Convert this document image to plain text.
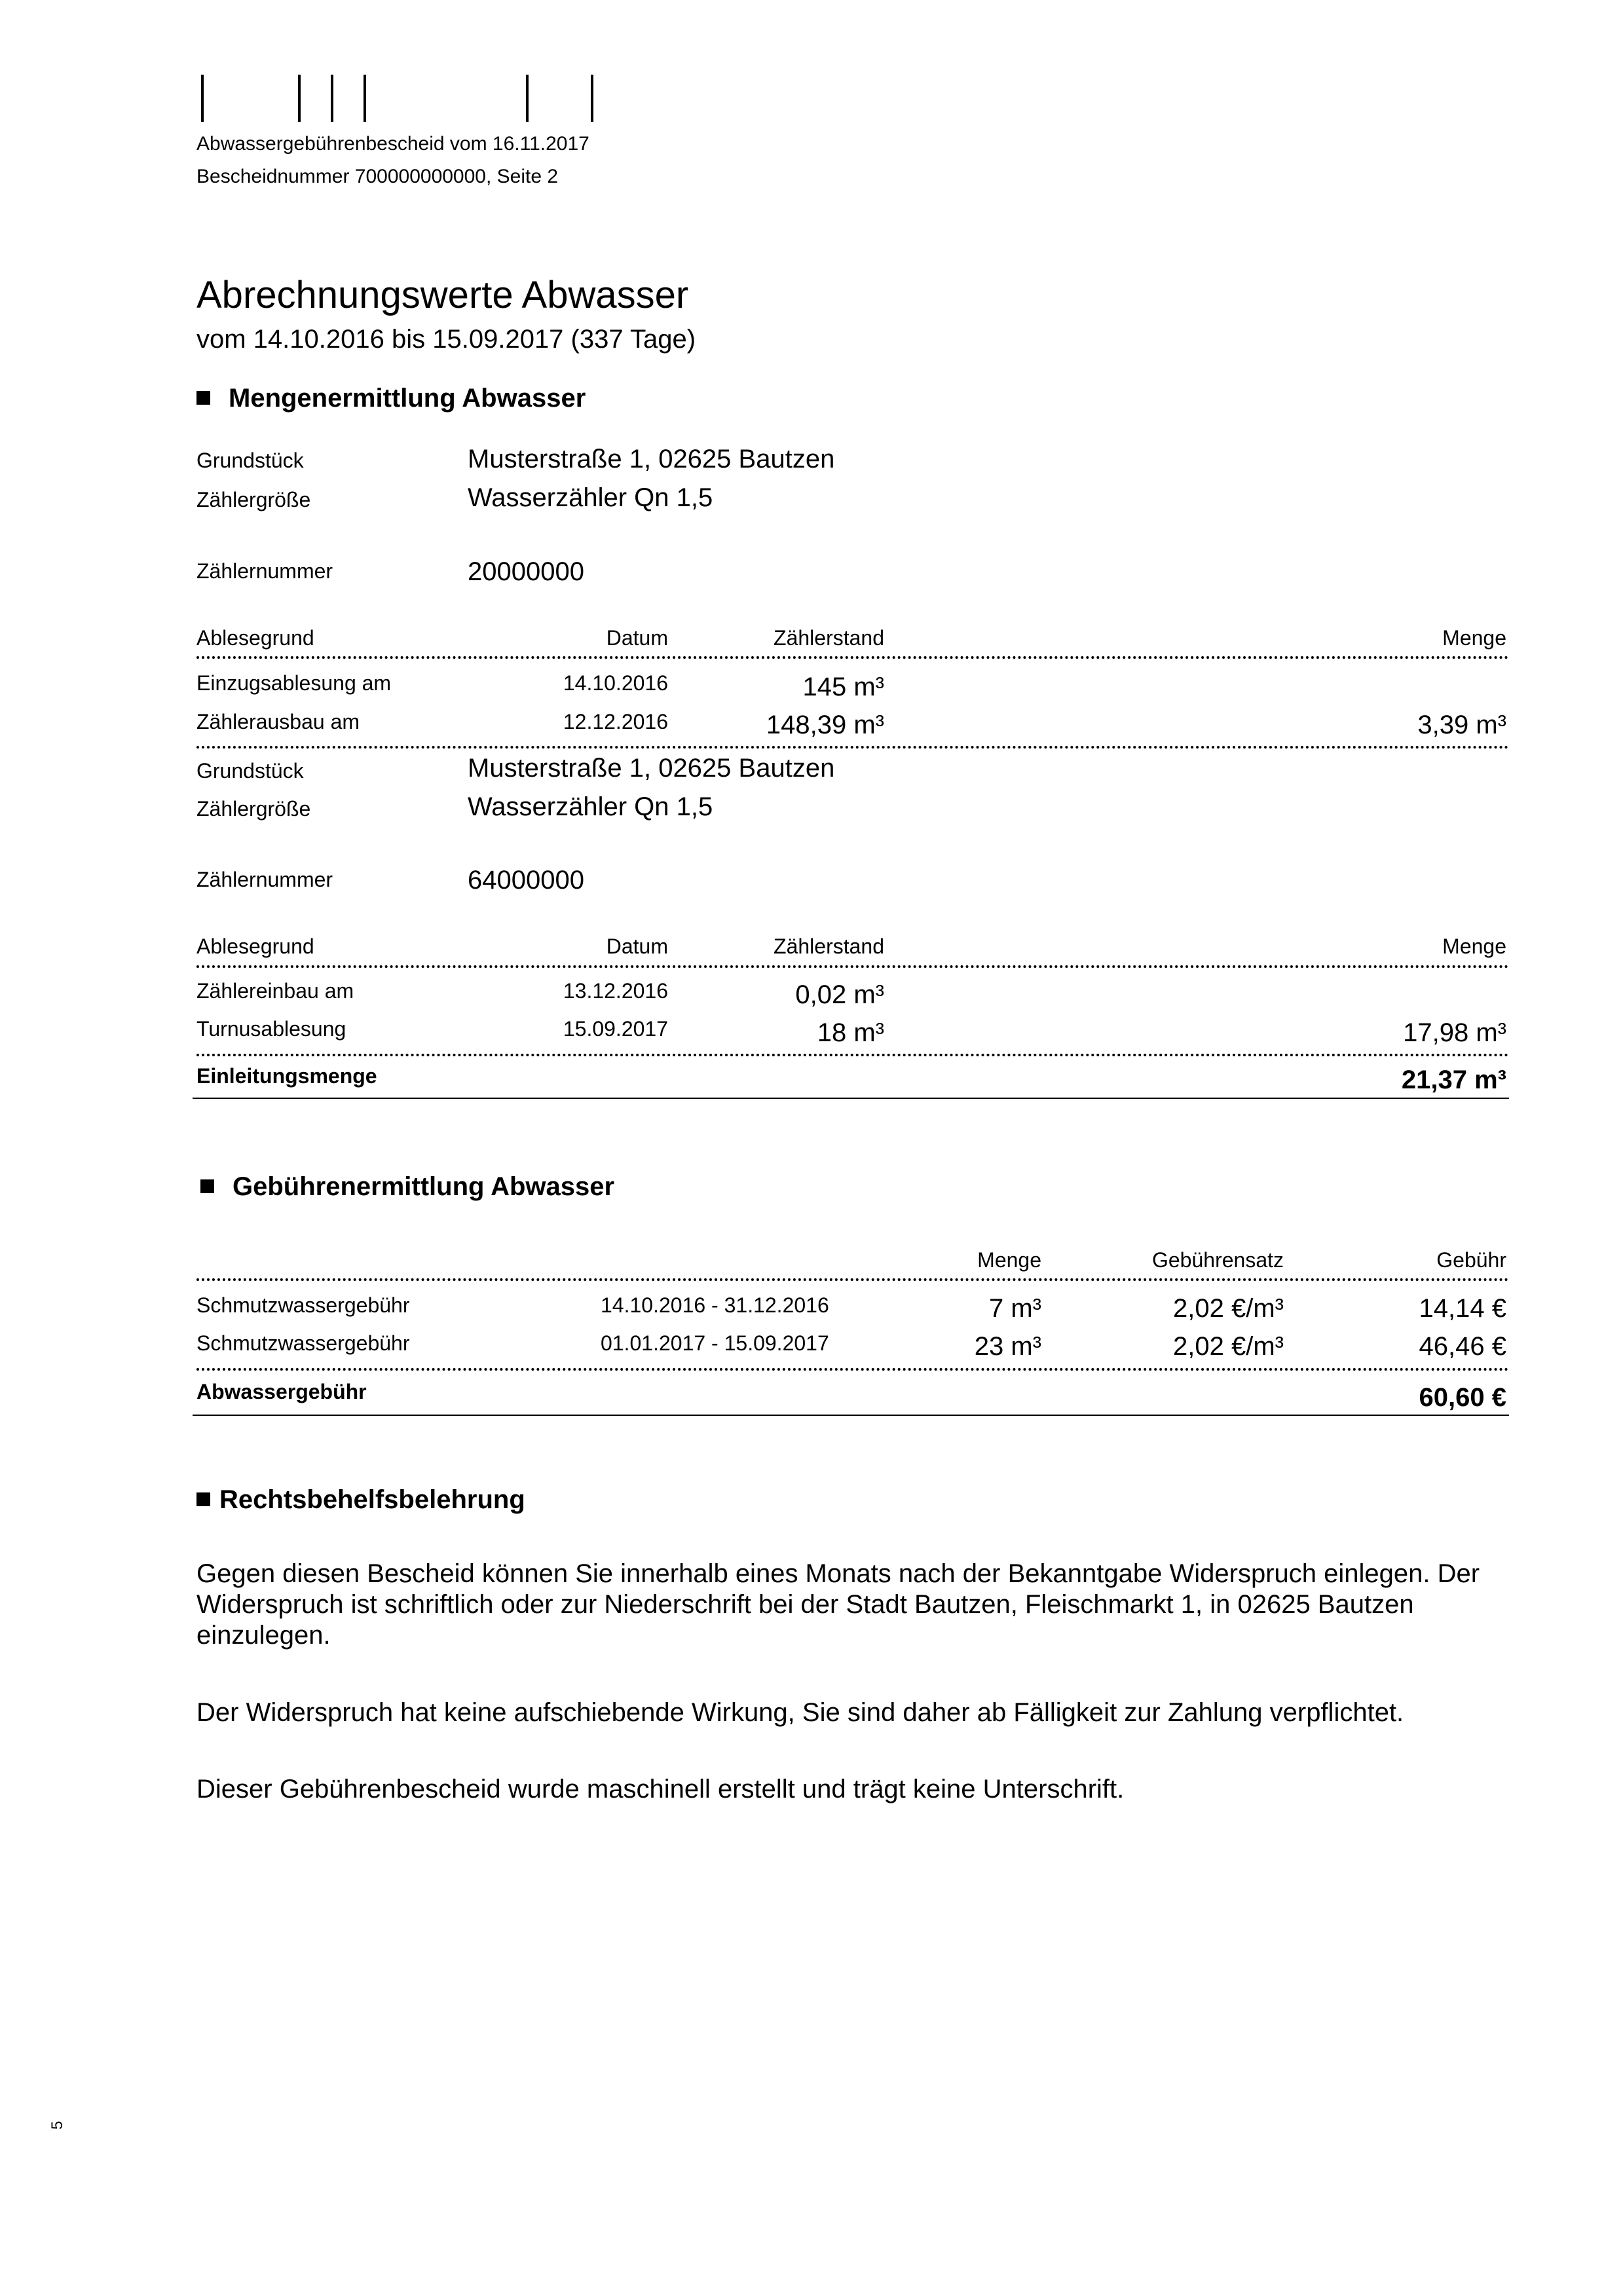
Abwassergebührenbescheid vom 16.11.2017
Bescheidnummer 700000000000, Seite 2
Abrechnungswerte Abwasser
vom 14.10.2016 bis 15.09.2017 (337 Tage)
Mengenermittlung Abwasser
Grundstück	Musterstraße 1, 02625 Bautzen
Zählergröße	Wasserzähler Qn 1,5
Zählernummer	20000000
Ablesegrund	Datum	Zählerstand	Menge
Einzugsablesung am	14.10.2016	145 m³
Zählerausbau am	12.12.2016	148,39 m³	3,39 m³
Grundstück	Musterstraße 1, 02625 Bautzen
Zählergröße	Wasserzähler Qn 1,5
Zählernummer	64000000
Ablesegrund	Datum	Zählerstand	Menge
Zählereinbau am	13.12.2016	0,02 m³
Turnusablesung	15.09.2017	18 m³	17,98 m³
Einleitungsmenge	21,37 m³
Gebührenermittlung Abwasser
Menge	Gebührensatz	Gebühr
Schmutzwassergebühr	14.10.2016 - 31.12.2016	7 m³	2,02 €/m³	14,14 €
Schmutzwassergebühr	01.01.2017 - 15.09.2017	23 m³	2,02 €/m³	46,46 €
Abwassergebühr	60,60 €
Rechtsbehelfsbelehrung
Gegen diesen Bescheid können Sie innerhalb eines Monats nach der Bekanntgabe Widerspruch einlegen. Der Widerspruch ist schriftlich oder zur Niederschrift bei der Stadt Bautzen, Fleischmarkt 1, in 02625 Bautzen einzulegen.
Der Widerspruch hat keine aufschiebende Wirkung, Sie sind daher ab Fälligkeit zur Zahlung verpflichtet.
Dieser Gebührenbescheid wurde maschinell erstellt und trägt keine Unterschrift.
5
